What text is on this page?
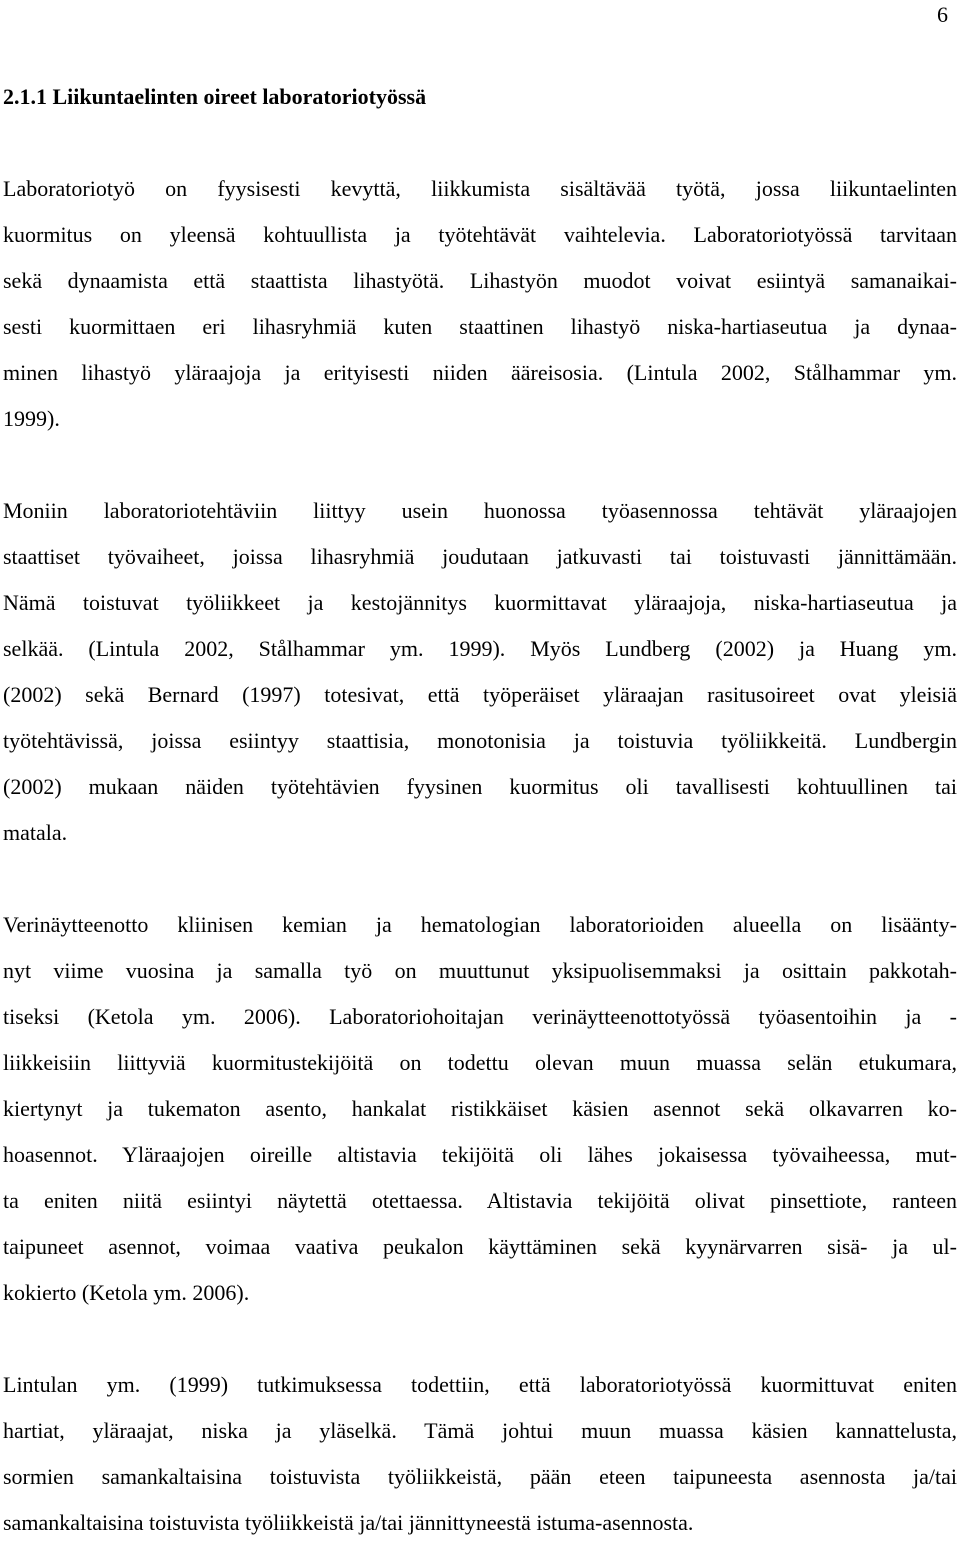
6
2.1.1 Liikuntaelinten oireet laboratoriotyössä
Laboratoriotyö on fyysisesti kevyttä, liikkumista sisältävää työtä, jossa liikuntaelinten
kuormitus on yleensä kohtuullista ja työtehtävät vaihtelevia. Laboratoriotyössä tarvitaan
sekä dynaamista että staattista lihastyötä. Lihastyön muodot voivat esiintyä samanaikai-
sesti kuormittaen eri lihasryhmiä kuten staattinen lihastyö niska-hartiaseutua ja dynaa-
minen lihastyö yläraajoja ja erityisesti niiden ääreisosia. (Lintula 2002, Stålhammar ym.
1999).
Moniin laboratoriotehtäviin liittyy usein huonossa työasennossa tehtävät yläraajojen
staattiset työvaiheet, joissa lihasryhmiä joudutaan jatkuvasti tai toistuvasti jännittämään.
Nämä toistuvat työliikkeet ja kestojännitys kuormittavat yläraajoja, niska-hartiaseutua ja
selkää. (Lintula 2002, Stålhammar ym. 1999). Myös Lundberg (2002) ja Huang ym.
(2002) sekä Bernard (1997) totesivat, että työperäiset yläraajan rasitusoireet ovat yleisiä
työtehtävissä, joissa esiintyy staattisia, monotonisia ja toistuvia työliikkeitä. Lundbergin
(2002) mukaan näiden työtehtävien fyysinen kuormitus oli tavallisesti kohtuullinen tai
matala.
Verinäytteenotto kliinisen kemian ja hematologian laboratorioiden alueella on lisäänty-
nyt viime vuosina ja samalla työ on muuttunut yksipuolisemmaksi ja osittain pakkotah-
tiseksi (Ketola ym. 2006). Laboratoriohoitajan verinäytteenottotyössä työasentoihin ja -
liikkeisiin liittyviä kuormitustekijöitä on todettu olevan muun muassa selän etukumara,
kiertynyt ja tukematon asento, hankalat ristikkäiset käsien asennot sekä olkavarren ko-
hoasennot. Yläraajojen oireille altistavia tekijöitä oli lähes jokaisessa työvaiheessa, mut-
ta eniten niitä esiintyi näytettä otettaessa. Altistavia tekijöitä olivat pinsettiote, ranteen
taipuneet asennot, voimaa vaativa peukalon käyttäminen sekä kyynärvarren sisä- ja ul-
kokierto (Ketola ym. 2006).
Lintulan ym. (1999) tutkimuksessa todettiin, että laboratoriotyössä kuormittuvat eniten
hartiat, yläraajat, niska ja yläselkä. Tämä johtui muun muassa käsien kannattelusta,
sormien samankaltaisina toistuvista työliikkeistä, pään eteen taipuneesta asennosta ja/tai
samankaltaisina toistuvista työliikkeistä ja/tai jännittyneestä istuma-asennosta.
